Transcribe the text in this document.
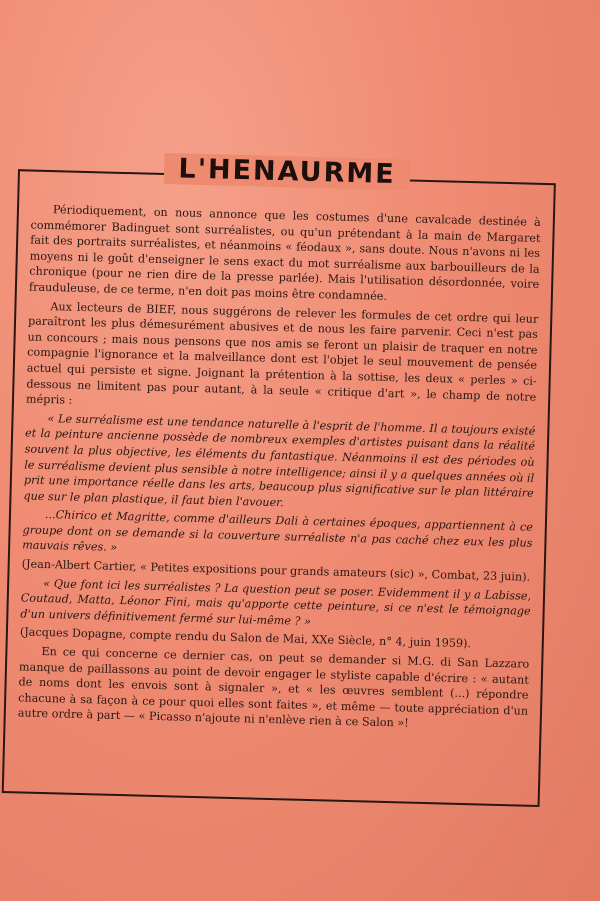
L'HENAURME

Périodiquement, on nous annonce que les costumes d'une cavalcade destinée à commémorer Badinguet sont surréalistes, ou qu'un prétendant à la main de Margaret fait des portraits surréalistes, et néanmoins « féodaux », sans doute. Nous n'avons ni les moyens ni le goût d'enseigner le sens exact du mot surréalisme aux barbouilleurs de la chronique (pour ne rien dire de la presse parlée). Mais l'utilisation désordonnée, voire frauduleuse, de ce terme, n'en doit pas moins être condamnée.

Aux lecteurs de BIEF, nous suggérons de relever les formules de cet ordre qui leur paraîtront les plus démesurément abusives et de nous les faire parvenir. Ceci n'est pas un concours ; mais nous pensons que nos amis se feront un plaisir de traquer en notre compagnie l'ignorance et la malveillance dont est l'objet le seul mouvement de pensée actuel qui persiste et signe. Joignant la prétention à la sottise, les deux « perles » ci-dessous ne limitent pas pour autant, à la seule « critique d'art », le champ de notre mépris :

« Le surréalisme est une tendance naturelle à l'esprit de l'homme. Il a toujours existé et la peinture ancienne possède de nombreux exemples d'artistes puisant dans la réalité souvent la plus objective, les éléments du fantastique. Néanmoins il est des périodes où le surréalisme devient plus sensible à notre intelligence; ainsi il y a quelques années où il prit une importance réelle dans les arts, beaucoup plus significative sur le plan littéraire que sur le plan plastique, il faut bien l'avouer.

...Chirico et Magritte, comme d'ailleurs Dali à certaines époques, appartiennent à ce groupe dont on se demande si la couverture surréaliste n'a pas caché chez eux les plus mauvais rêves. »

(Jean-Albert Cartier, « Petites expositions pour grands amateurs (sic) », Combat, 23 juin).

« Que font ici les surréalistes ? La question peut se poser. Evidemment il y a Labisse, Coutaud, Matta, Léonor Fini, mais qu'apporte cette peinture, si ce n'est le témoignage d'un univers définitivement fermé sur lui-même ? »

(Jacques Dopagne, compte rendu du Salon de Mai, XXe Siècle, n° 4, juin 1959).

En ce qui concerne ce dernier cas, on peut se demander si M.G. di San Lazzaro manque de paillassons au point de devoir engager le styliste capable d'écrire : « autant de noms dont les envois sont à signaler », et « les œuvres semblent (...) répondre chacune à sa façon à ce pour quoi elles sont faites », et même — toute appréciation d'un autre ordre à part — « Picasso n'ajoute ni n'enlève rien à ce Salon »!
